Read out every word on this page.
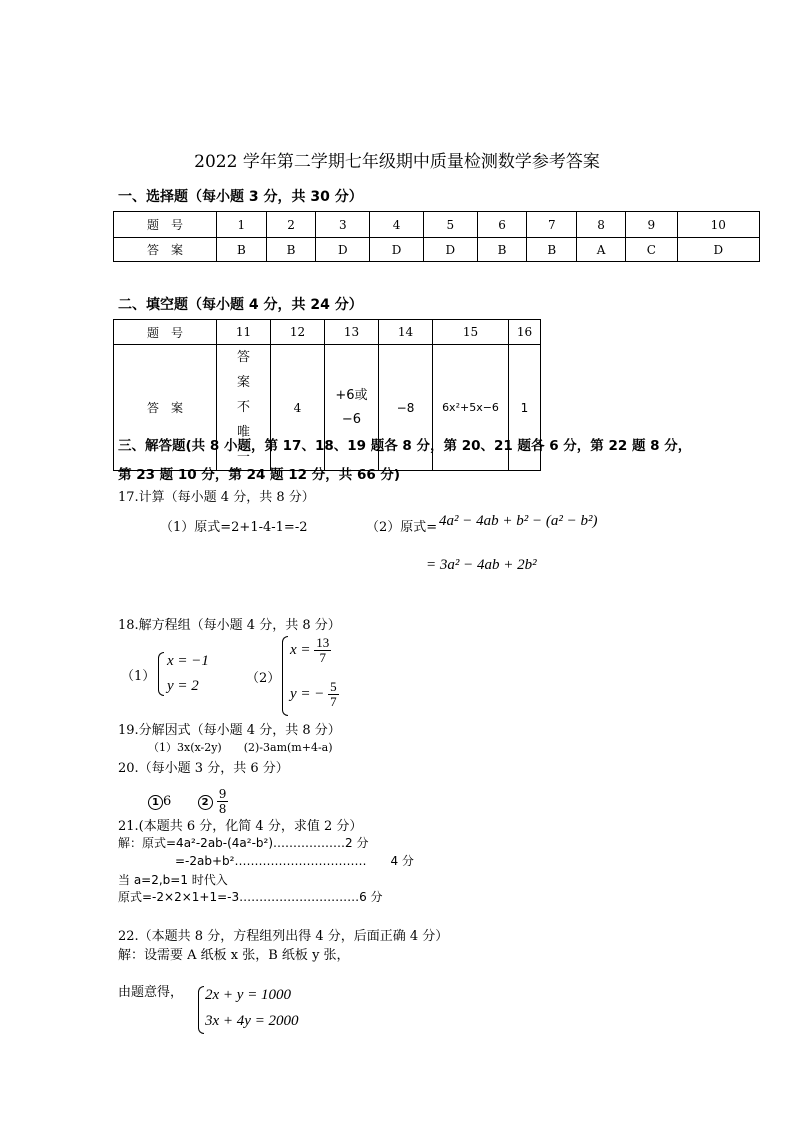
2022 学年第二学期七年级期中质量检测数学参考答案
一、选择题（每小题 3 分，共 30 分）
题　号	1	2	3	4	5	6	7	8	9	10
答　案	B	B	D	D	D	B	B	A	C	D
二、填空题（每小题 4 分，共 24 分）
题　号	11	12	13	14	15	16
答　案	答案不唯一	4	+6或−6	−8	6x²+5x−6	1
三、解答题(共 8 小题，第 17、18、19 题各 8 分，第 20、21 题各 6 分，第 22 题 8 分，
第 23 题 10 分，第 24 题 12 分，共 66 分)
17.计算（每小题 4 分，共 8 分）
（1）原式=2+1-4-1=-2	（2）原式= 4a² − 4ab + b² − (a² − b²)
= 3a² − 4ab + 2b²
18.解方程组（每小题 4 分，共 8 分）
（1）
x = −1
y = 2	（2）
$x = \frac{13}{7}$
y = − $\frac{5}{7}$
19.分解因式（每小题 4 分，共 8 分）
（1）3x(x-2y)　　(2)-3am(m+4-a)
20.（每小题 3 分，共 6 分）
1 6	$2 \frac{9}{8}$
21.(本题共 6 分，化简 4 分，求值 2 分）
解：原式=4a²-2ab-(4a²-b²)………………2 分
=-2ab+b²……………………………　　4 分
当 a=2,b=1 时代入
原式=-2×2×1+1=-3…………………………6 分
22.（本题共 8 分，方程组列出得 4 分，后面正确 4 分）
解：设需要 A 纸板 x 张，B 纸板 y 张，
由题意得， 2x + y = 1000
3x + 4y = 2000
